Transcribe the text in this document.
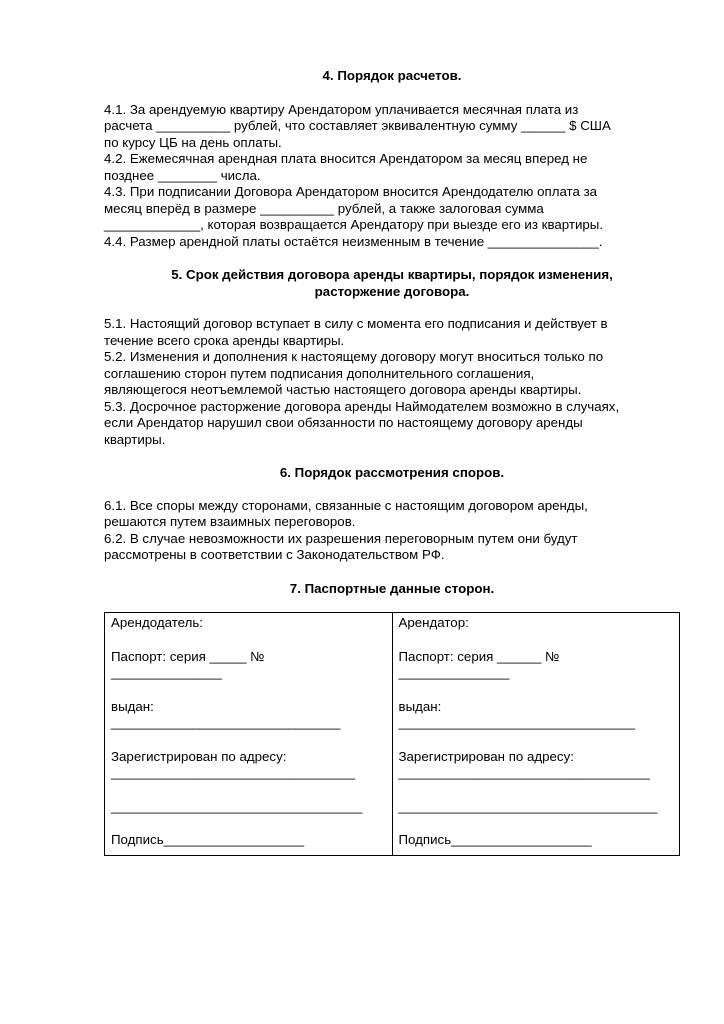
4. Порядок расчетов.

4.1. За арендуемую квартиру Арендатором уплачивается месячная плата из

расчета __________ рублей, что составляет эквивалентную сумму ______ $ США

по курсу ЦБ на день оплаты.

4.2. Ежемесячная арендная плата вносится Арендатором за месяц вперед не

позднее ________ числа.

4.3. При подписании Договора Арендатором вносится Арендодателю оплата за

месяц вперёд в размере __________ рублей, а также залоговая сумма

_____________, которая возвращается Арендатору при выезде его из квартиры.

4.4. Размер арендной платы остаётся неизменным в течение _______________.

5. Срок действия договора аренды квартиры, порядок изменения,

расторжение договора.

5.1. Настоящий договор вступает в силу с момента его подписания и действует в

течение всего срока аренды квартиры.

5.2. Изменения и дополнения к настоящему договору могут вноситься только по

соглашению сторон путем подписания дополнительного соглашения,

являющегося неотъемлемой частью настоящего договора аренды квартиры.

5.3. Досрочное расторжение договора аренды Наймодателем возможно в случаях,

если Арендатор нарушил свои обязанности по настоящему договору аренды

квартиры.

6. Порядок рассмотрения споров.

6.1. Все споры между сторонами, связанные с настоящим договором аренды,

решаются путем взаимных переговоров.

6.2. В случае невозможности их разрешения переговорным путем они будут

рассмотрены в соответствии с Законодательством РФ.

7. Паспортные данные сторон.

Арендодатель:

Паспорт: серия _____ №

_______________

выдан:

_______________________________

Зарегистрирован по адресу:

_________________________________

__________________________________

Подпись___________________

Арендатор:

Паспорт: серия ______ №

_______________

выдан:

________________________________

Зарегистрирован по адресу:

__________________________________

___________________________________

Подпись___________________
